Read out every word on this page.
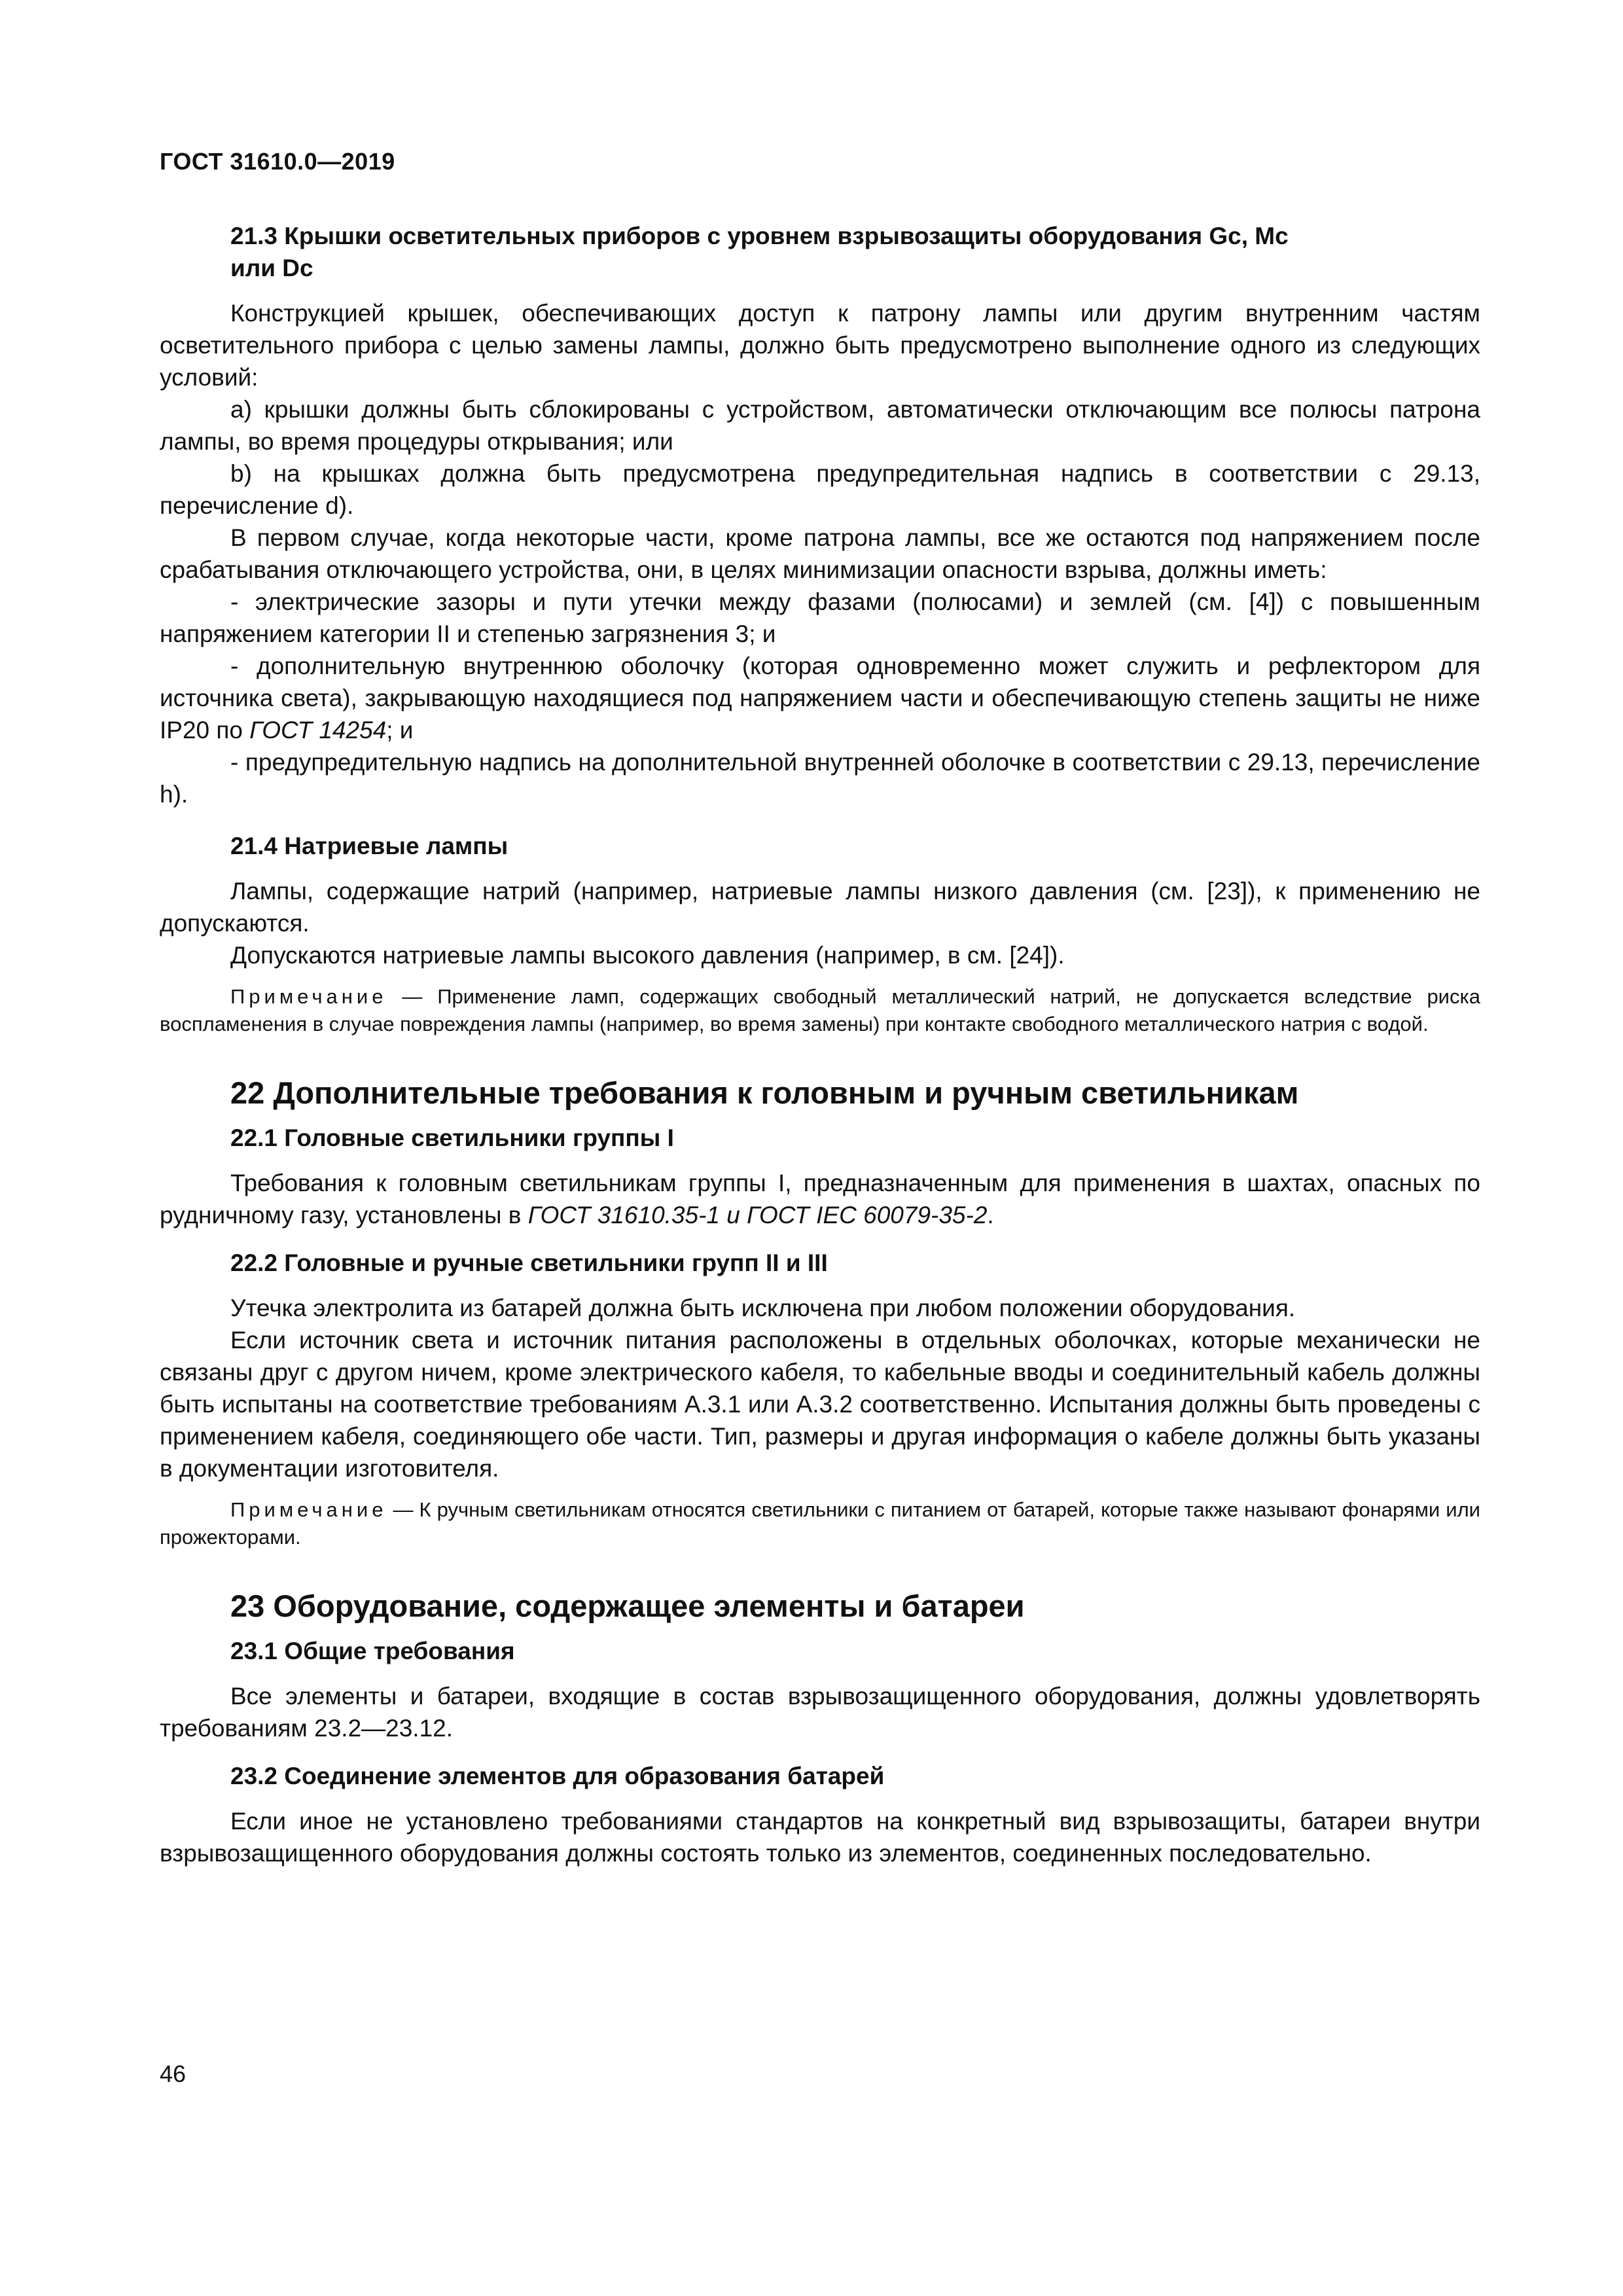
ГОСТ 31610.0—2019
21.3 Крышки осветительных приборов с уровнем взрывозащиты оборудования Gc, Mc
или Dc

Конструкцией крышек, обеспечивающих доступ к патрону лампы или другим внутренним частям осветительного прибора с целью замены лампы, должно быть предусмотрено выполнение одного из следующих условий:

а) крышки должны быть сблокированы с устройством, автоматически отключающим все полюсы патрона лампы, во время процедуры открывания; или

b) на крышках должна быть предусмотрена предупредительная надпись в соответствии с 29.13, перечисление d).

В первом случае, когда некоторые части, кроме патрона лампы, все же остаются под напряжением после срабатывания отключающего устройства, они, в целях минимизации опасности взрыва, должны иметь:

- электрические зазоры и пути утечки между фазами (полюсами) и землей (см. [4]) с повышенным напряжением категории II и степенью загрязнения 3; и

- дополнительную внутреннюю оболочку (которая одновременно может служить и рефлектором для источника света), закрывающую находящиеся под напряжением части и обеспечивающую степень защиты не ниже IP20 по ГОСТ 14254; и

- предупредительную надпись на дополнительной внутренней оболочке в соответствии с 29.13, перечисление h).

21.4 Натриевые лампы

Лампы, содержащие натрий (например, натриевые лампы низкого давления (см. [23]), к применению не допускаются.

Допускаются натриевые лампы высокого давления (например, в см. [24]).

Примечание — Применение ламп, содержащих свободный металлический натрий, не допускается вследствие риска воспламенения в случае повреждения лампы (например, во время замены) при контакте свободного металлического натрия с водой.

22 Дополнительные требования к головным и ручным светильникам
22.1 Головные светильники группы I

Требования к головным светильникам группы I, предназначенным для применения в шахтах, опасных по рудничному газу, установлены в ГОСТ 31610.35-1 и ГОСТ IEC 60079-35-2.

22.2 Головные и ручные светильники групп II и III

Утечка электролита из батарей должна быть исключена при любом положении оборудования.

Если источник света и источник питания расположены в отдельных оболочках, которые механически не связаны друг с другом ничем, кроме электрического кабеля, то кабельные вводы и соединительный кабель должны быть испытаны на соответствие требованиям А.3.1 или А.3.2 соответственно. Испытания должны быть проведены с применением кабеля, соединяющего обе части. Тип, размеры и другая информация о кабеле должны быть указаны в документации изготовителя.

Примечание — К ручным светильникам относятся светильники с питанием от батарей, которые также называют фонарями или прожекторами.

23 Оборудование, содержащее элементы и батареи
23.1 Общие требования

Все элементы и батареи, входящие в состав взрывозащищенного оборудования, должны удовлетворять требованиям 23.2—23.12.

23.2 Соединение элементов для образования батарей

Если иное не установлено требованиями стандартов на конкретный вид взрывозащиты, батареи внутри взрывозащищенного оборудования должны состоять только из элементов, соединенных последовательно.

46
